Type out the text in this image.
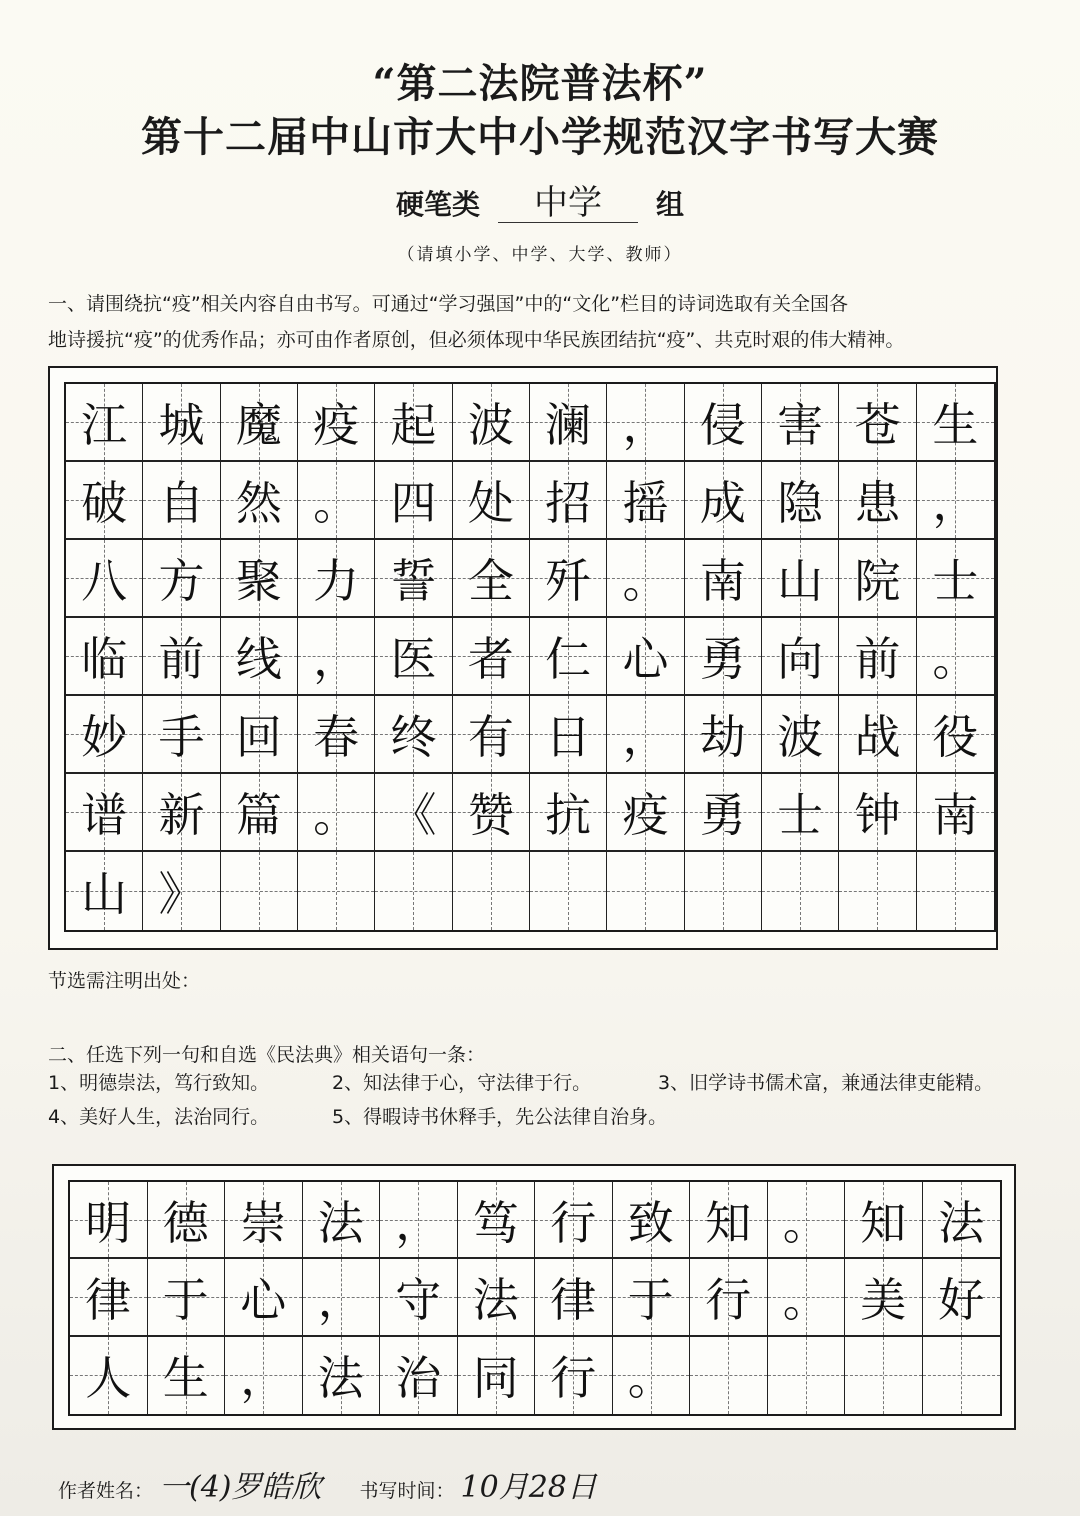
“第二法院普法杯”
第十二届中山市大中小学规范汉字书写大赛
硬笔类 中学 组
（请填小学、中学、大学、教师）
一、请围绕抗“疫”相关内容自由书写。可通过“学习强国”中的“文化”栏目的诗词选取有关全国各
地诗援抗“疫”的优秀作品；亦可由作者原创，但必须体现中华民族团结抗“疫”、共克时艰的伟大精神。
江 城 魔 疫 起 波 澜 ， 侵 害 苍 生
破 自 然 。 四 处 招 摇 成 隐 患 ，
八 方 聚 力 誓 全 歼 。 南 山 院 士
临 前 线 ， 医 者 仁 心 勇 向 前 。
妙 手 回 春 终 有 日 ， 劫 波 战 役
谱 新 篇 。 《 赞 抗 疫 勇 士 钟 南
山 》
节选需注明出处：
二、任选下列一句和自选《民法典》相关语句一条：
1、明德崇法，笃行致知。	2、知法律于心，守法律于行。	3、旧学诗书儒术富，兼通法律吏能精。
4、美好人生，法治同行。	5、得暇诗书休释手，先公法律自治身。
明 德 崇 法 ， 笃 行 致 知 。 知 法
律 于 心 ， 守 法 律 于 行 。 美 好
人 生 ， 法 治 同 行 。
作者姓名： 一(4)罗皓欣 书写时间： 10月28日
